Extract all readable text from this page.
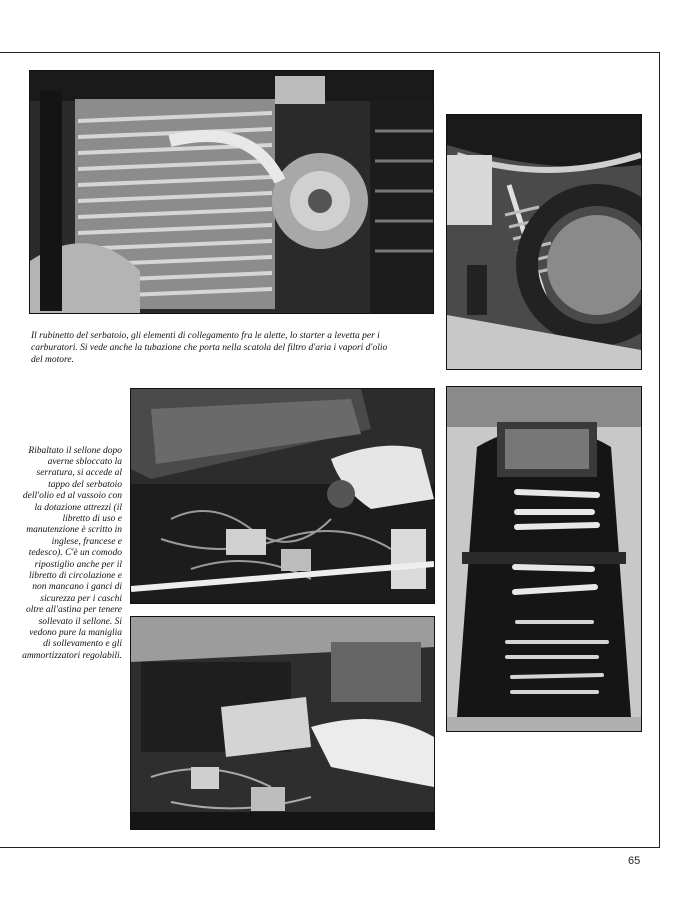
Il rubinetto del serbatoio, gli elementi di collegamento fra le alette, lo starter a levetta per i carburatori. Si vede anche la tubazione che porta nella scatola del filtro d'aria i vapori d'olio del motore.

Ribaltato il sellone dopo averne sbloccato la serratura, si accede al tappo del serbatoio dell'olio ed al vassoio con la dotazione attrezzi (il libretto di uso e manutenzione è scritto in inglese, francese e tedesco). C'è un comodo ripostiglio anche per il libretto di circolazione e non mancano i ganci di sicurezza per i caschi oltre all'astina per tenere sollevato il sellone. Si vedono pure la maniglia di sollevamento e gli ammortizzatori regolabili.

65
